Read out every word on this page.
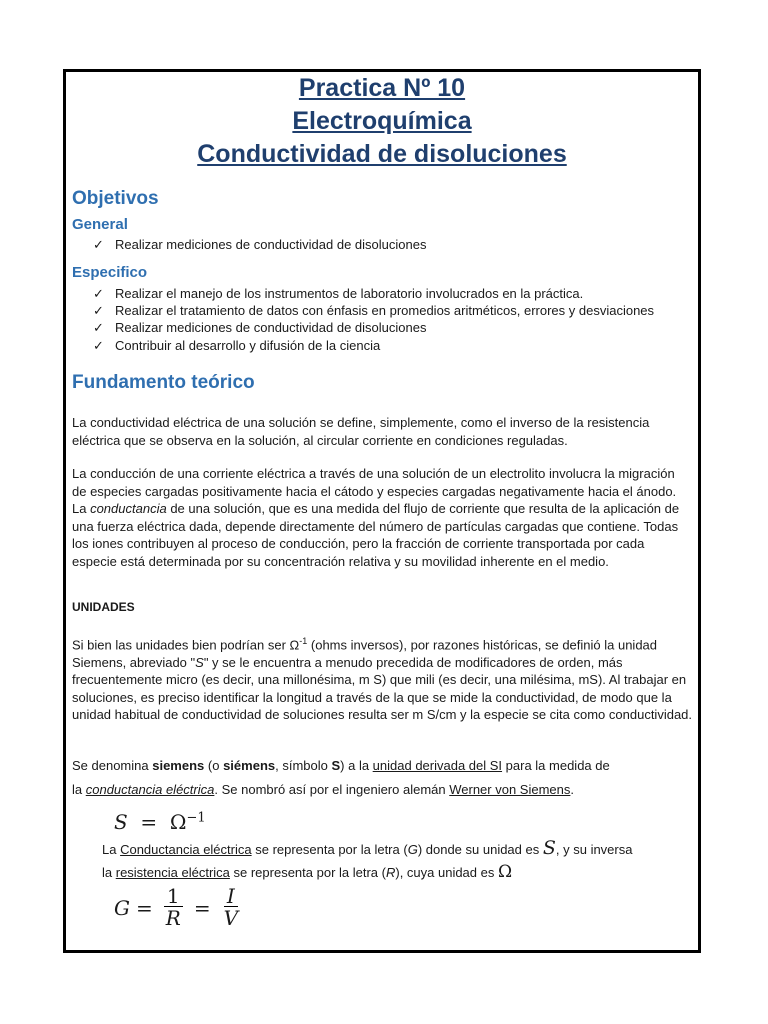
Practica Nº 10
Electroquímica
Conductividad de disoluciones
Objetivos
General

✓ Realizar mediciones de conductividad de disoluciones

Especifico

✓ Realizar el manejo de los instrumentos de laboratorio involucrados en la práctica.

✓ Realizar el tratamiento de datos con énfasis en promedios aritméticos, errores y desviaciones

✓ Realizar mediciones de conductividad de disoluciones

✓ Contribuir al desarrollo y difusión de la ciencia

Fundamento teórico

La conductividad eléctrica de una solución se define, simplemente, como el inverso de la resistencia eléctrica que se observa en la solución, al circular corriente en condiciones reguladas.

La conducción de una corriente eléctrica a través de una solución de un electrolito involucra la migración de especies cargadas positivamente hacia el cátodo y especies cargadas negativamente hacia el ánodo. La conductancia de una solución, que es una medida del flujo de corriente que resulta de la aplicación de una fuerza eléctrica dada, depende directamente del número de partículas cargadas que contiene. Todas los iones contribuyen al proceso de conducción, pero la fracción de corriente transportada por cada especie está determinada por su concentración relativa y su movilidad inherente en el medio.

UNIDADES

Si bien las unidades bien podrían ser $\Omega^{-1}$ (ohms inversos), por razones históricas, se definió la unidad Siemens, abreviado "S" y se le encuentra a menudo precedida de modificadores de orden, más frecuentemente micro (es decir, una millonésima, m S) que mili (es decir, una milésima, mS). Al trabajar en soluciones, es preciso identificar la longitud a través de la que se mide la conductividad, de modo que la unidad habitual de conductividad de soluciones resulta ser m S/cm y la especie se cita como conductividad.

Se denomina siemens (o siémens, símbolo S) a la unidad derivada del SI para la medida de

la conductancia eléctrica. Se nombró así por el ingeniero alemán Werner von Siemens.

$S = \Omega^{-1}$

La Conductancia eléctrica se representa por la letra (G) donde su unidad es S, y su inversa

la resistencia eléctrica se representa por la letra (R), cuya unidad es Ω

$G = \frac{1}{R} = \frac{I}{V}$
